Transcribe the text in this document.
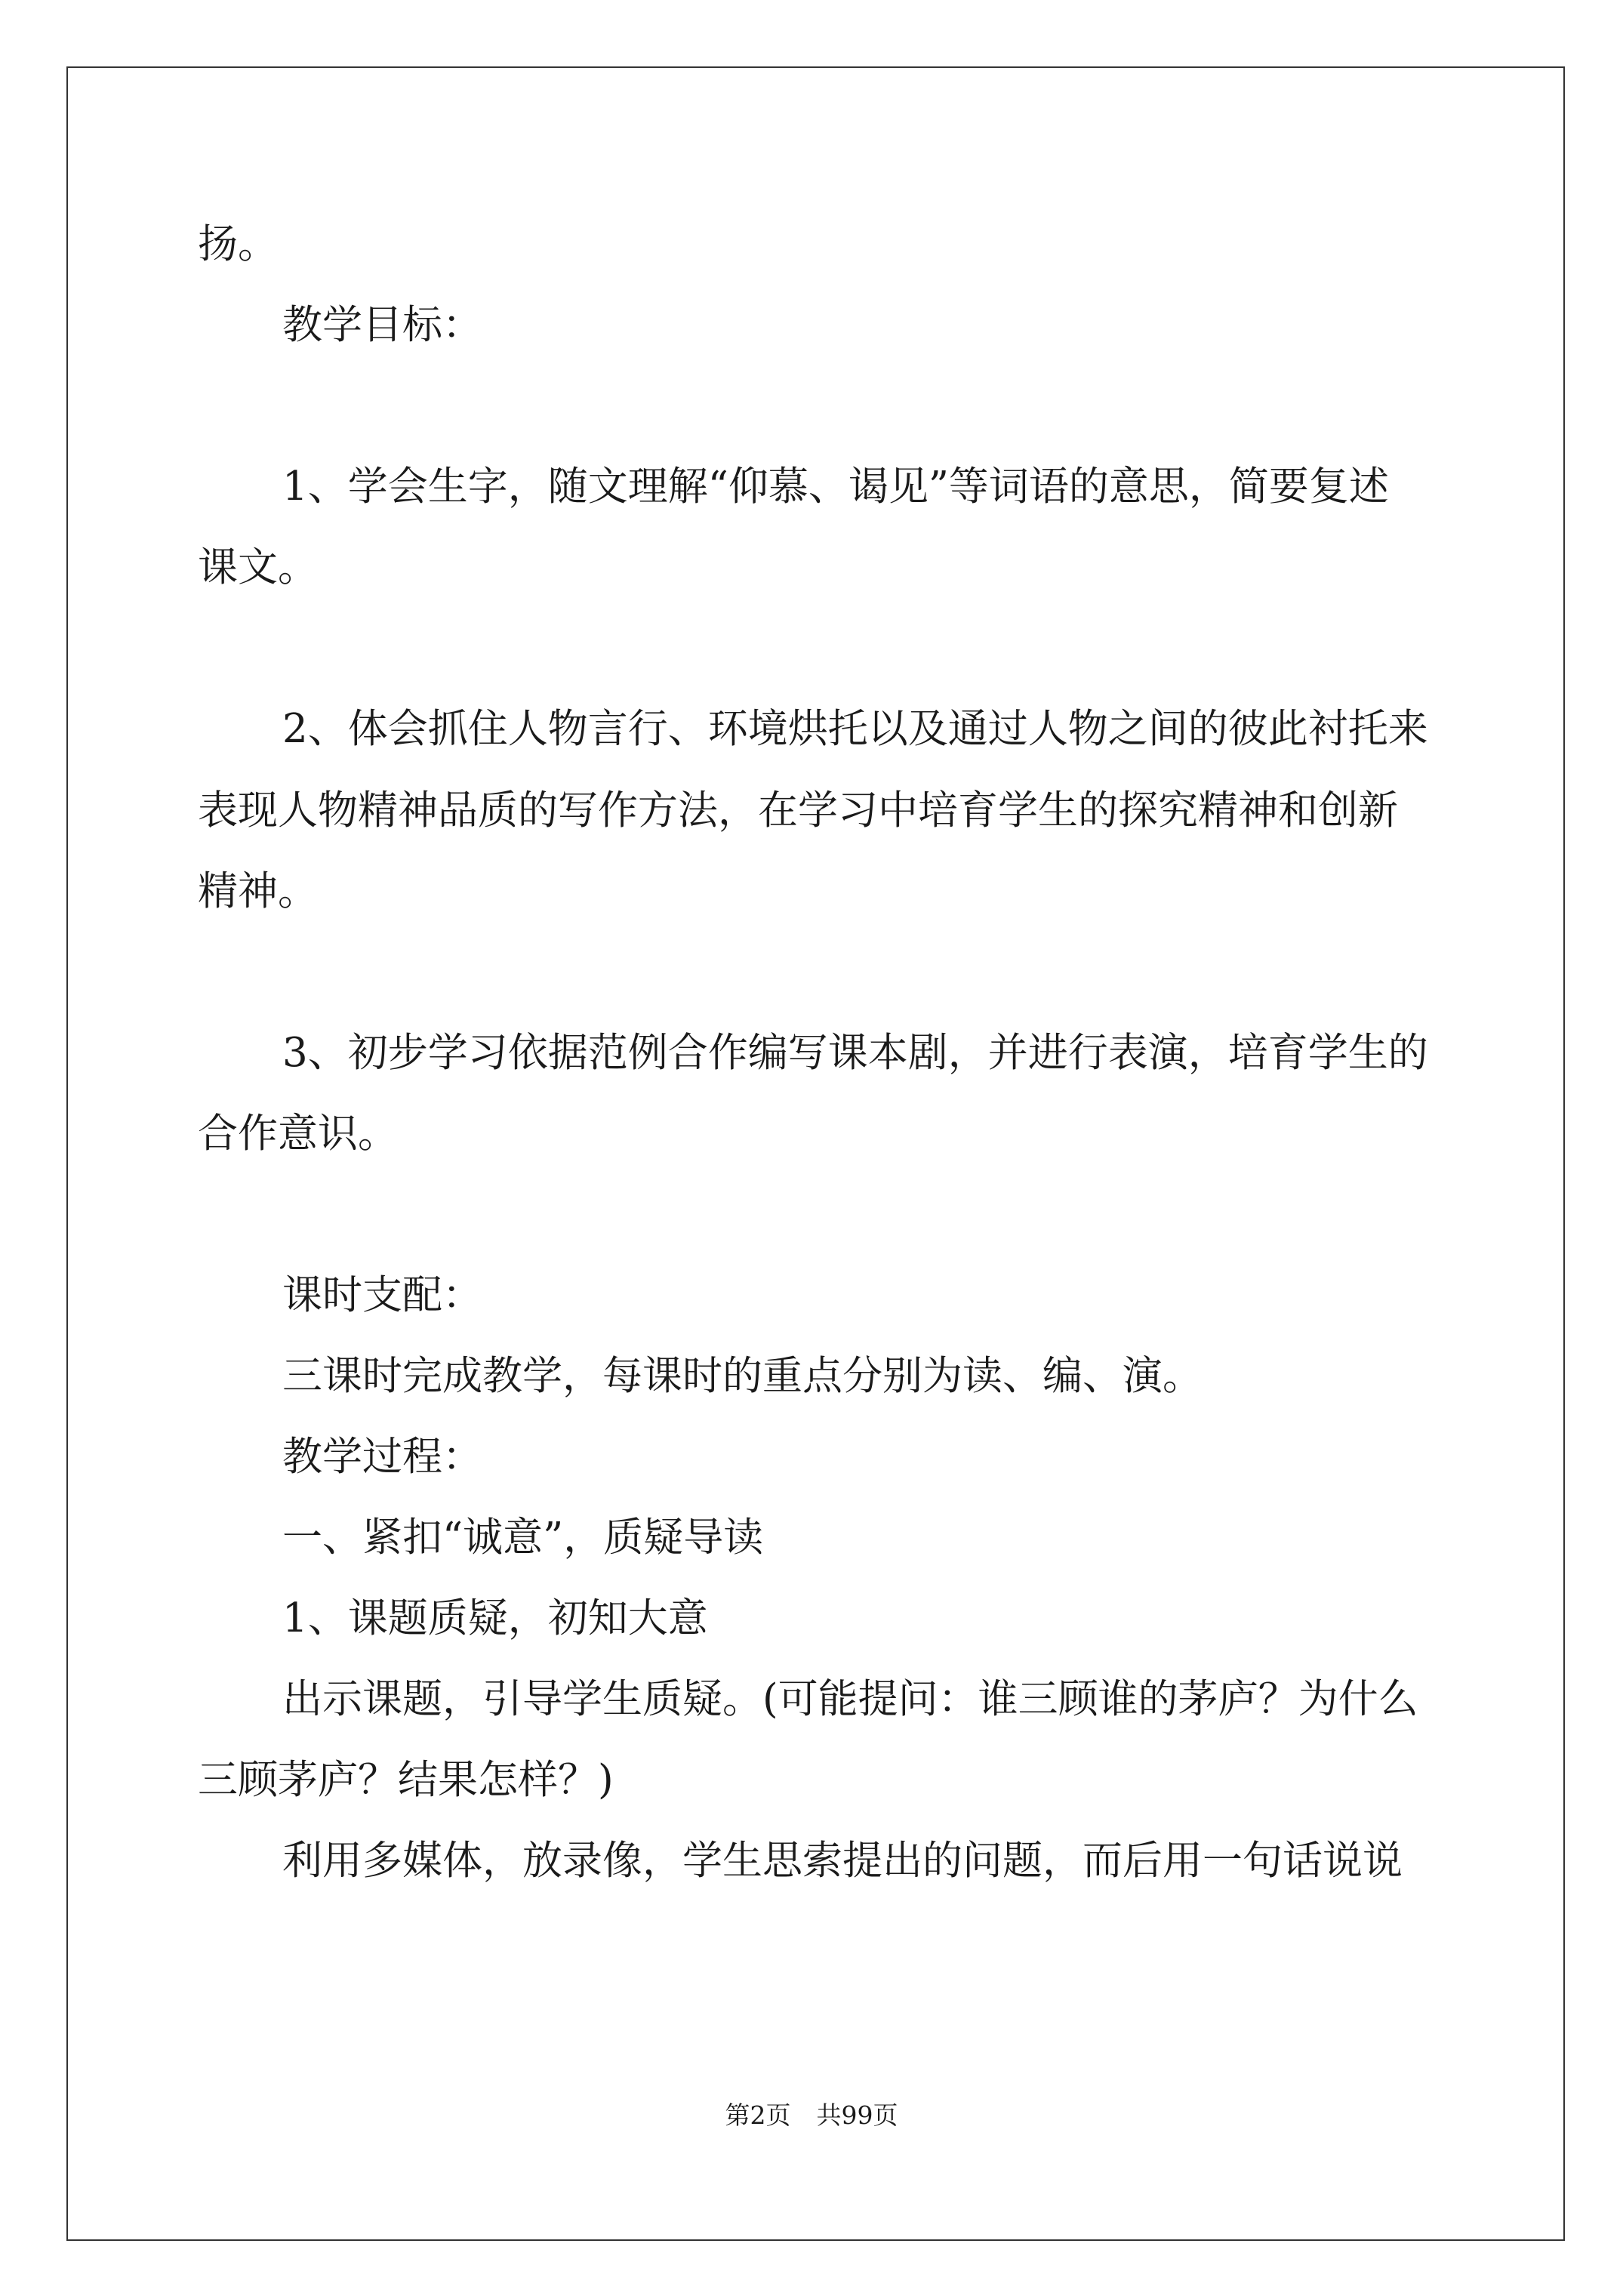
扬。
教学目标：
1、学会生字，随文理解“仰慕、谒见”等词语的意思，简要复述
课文。
2、体会抓住人物言行、环境烘托以及通过人物之间的彼此衬托来
表现人物精神品质的写作方法，在学习中培育学生的探究精神和创新
精神。
3、初步学习依据范例合作编写课本剧，并进行表演，培育学生的
合作意识。
课时支配：
三课时完成教学，每课时的重点分别为读、编、演。
教学过程：
一、紧扣“诚意”，质疑导读
1、课题质疑，初知大意
出示课题，引导学生质疑。(可能提问：谁三顾谁的茅庐？为什么
三顾茅庐？结果怎样？)
利用多媒体，放录像，学生思索提出的问题，而后用一句话说说
第2页 共99页
